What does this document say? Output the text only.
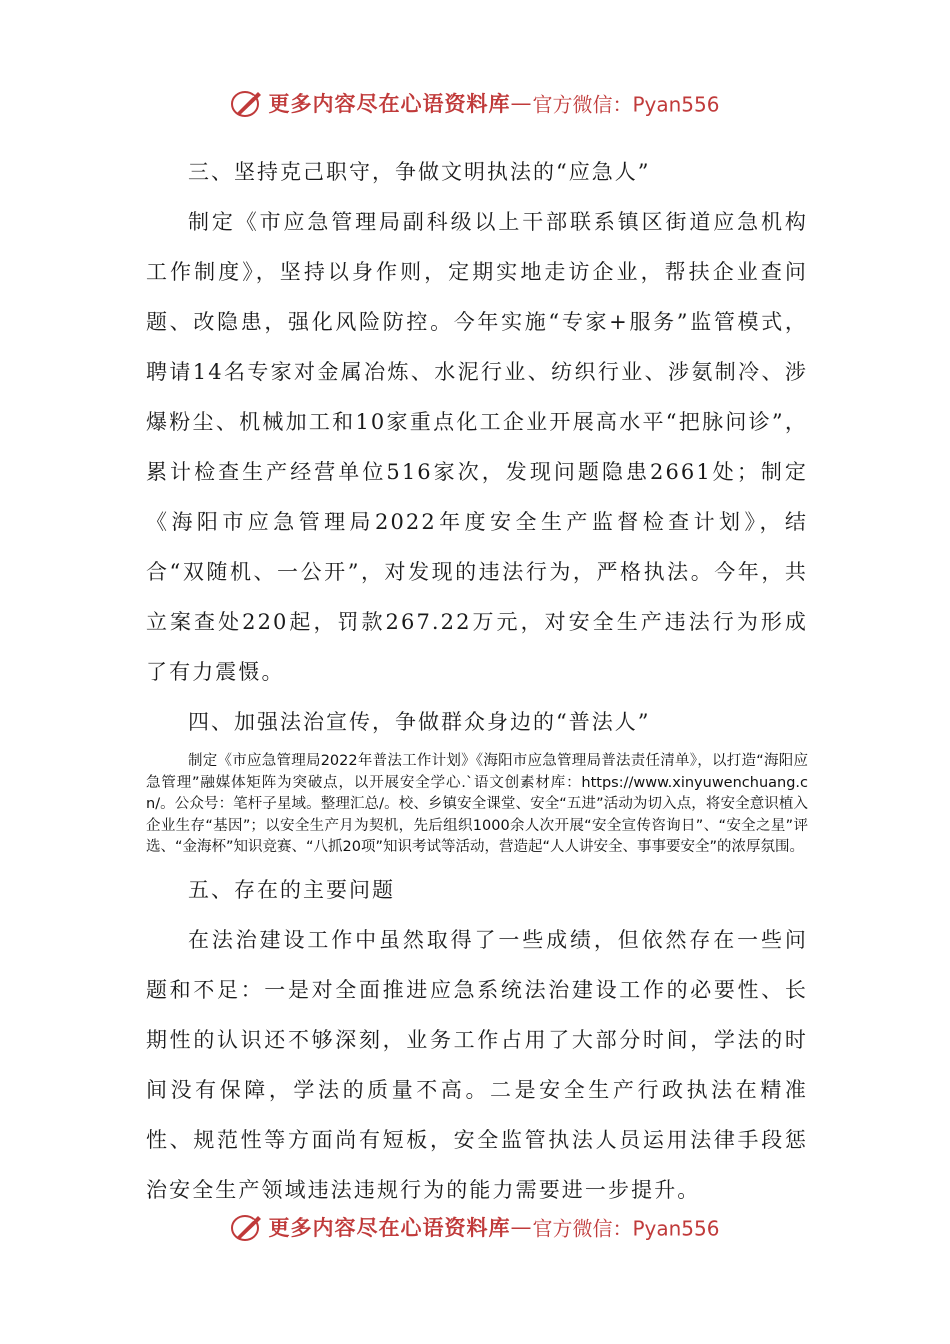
更多内容尽在心语资料库—官方微信：Pyan556
三、坚持克己职守，争做文明执法的“应急人”

制定《市应急管理局副科级以上干部联系镇区街道应急机构工作制度》，坚持以身作则，定期实地走访企业，帮扶企业查问题、改隐患，强化风险防控。今年实施“专家+服务”监管模式，聘请14名专家对金属冶炼、水泥行业、纺织行业、涉氨制冷、涉爆粉尘、机械加工和10家重点化工企业开展高水平“把脉问诊”，累计检查生产经营单位516家次，发现问题隐患2661处；制定《海阳市应急管理局2022年度安全生产监督检查计划》，结合“双随机、一公开”，对发现的违法行为，严格执法。今年，共立案查处220起，罚款267.22万元，对安全生产违法行为形成了有力震慑。

四、加强法治宣传，争做群众身边的“普法人”

制定《市应急管理局2022年普法工作计划》《海阳市应急管理局普法责任清单》，以打造“海阳应急管理”融媒体矩阵为突破点，以开展安全学心.`语文创素材库：https://www.xinyuwenchuang.cn/。公众号：笔杆子星域。整理汇总/。校、乡镇安全课堂、安全“五进”活动为切入点，将安全意识植入企业生存“基因”；以安全生产月为契机，先后组织1000余人次开展“安全宣传咨询日”、“安全之星”评选、“金海杯”知识竞赛、“八抓20项”知识考试等活动，营造起“人人讲安全、事事要安全”的浓厚氛围。

五、存在的主要问题

在法治建设工作中虽然取得了一些成绩，但依然存在一些问题和不足：一是对全面推进应急系统法治建设工作的必要性、长期性的认识还不够深刻，业务工作占用了大部分时间，学法的时间没有保障，学法的质量不高。二是安全生产行政执法在精准性、规范性等方面尚有短板，安全监管执法人员运用法律手段惩治安全生产领域违法违规行为的能力需要进一步提升。

更多内容尽在心语资料库—官方微信：Pyan556
